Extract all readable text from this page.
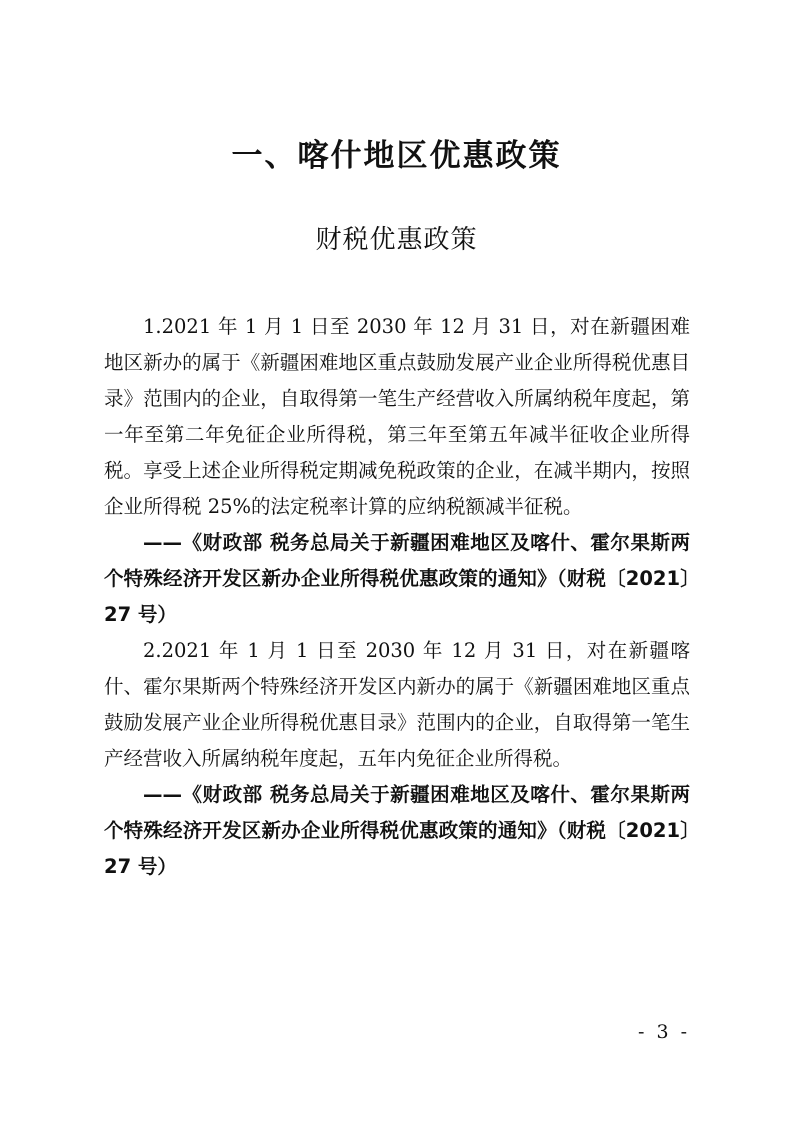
一、喀什地区优惠政策
财税优惠政策

1.2021 年 1 月 1 日至 2030 年 12 月 31 日，对在新疆困难地区新办的属于《新疆困难地区重点鼓励发展产业企业所得税优惠目录》范围内的企业，自取得第一笔生产经营收入所属纳税年度起，第一年至第二年免征企业所得税，第三年至第五年减半征收企业所得税。享受上述企业所得税定期减免税政策的企业，在减半期内，按照企业所得税 25%的法定税率计算的应纳税额减半征税。

——《财政部 税务总局关于新疆困难地区及喀什、霍尔果斯两个特殊经济开发区新办企业所得税优惠政策的通知》（财税〔2021〕27 号）

2.2021 年 1 月 1 日至 2030 年 12 月 31 日，对在新疆喀什、霍尔果斯两个特殊经济开发区内新办的属于《新疆困难地区重点鼓励发展产业企业所得税优惠目录》范围内的企业，自取得第一笔生产经营收入所属纳税年度起，五年内免征企业所得税。

——《财政部 税务总局关于新疆困难地区及喀什、霍尔果斯两个特殊经济开发区新办企业所得税优惠政策的通知》（财税〔2021〕27 号）

- 3 -
